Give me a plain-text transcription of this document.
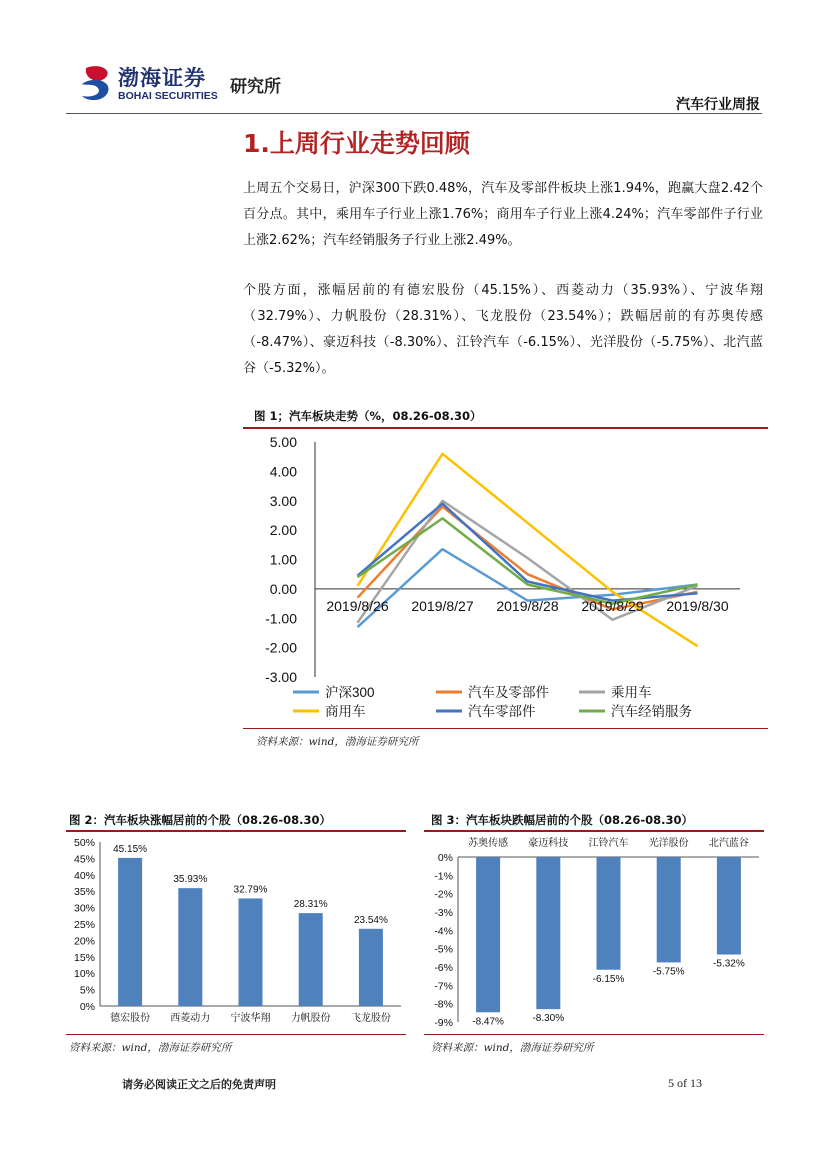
渤海证券
BOHAI SECURITIES 研究所
汽车行业周报
1.上周行业走势回顾
上周五个交易日，沪深300下跌0.48%，汽车及零部件板块上涨1.94%，跑赢大盘2.42个百分点。其中，乘用车子行业上涨1.76%；商用车子行业上涨4.24%；汽车零部件子行业上涨2.62%；汽车经销服务子行业上涨2.49%。
个股方面，涨幅居前的有德宏股份（45.15%）、西菱动力（35.93%）、宁波华翔（32.79%）、力帆股份（28.31%）、飞龙股份（23.54%）；跌幅居前的有苏奥传感（-8.47%）、豪迈科技（-8.30%）、江铃汽车（-6.15%）、光洋股份（-5.75%）、北汽蓝谷（-5.32%）。
图 1；汽车板块走势（%，08.26-08.30）
5.00
4.00
3.00
2.00
1.00
0.00
-1.00
-2.00
-3.00
2019/8/26 2019/8/27 2019/8/28 2019/8/29 2019/8/30
沪深300	汽车及零部件	乘用车
商用车	汽车零部件	汽车经销服务
资料来源：wind，渤海证券研究所
图 2：汽车板块涨幅居前的个股（08.26-08.30）
50%
45%
40%
35%
30%
25%
20%
15%
10%
5%
0%
45.15%
德宏股份
35.93%
西菱动力
32.79%
宁波华翔
28.31%
力帆股份
23.54%
飞龙股份
资料来源：wind，渤海证券研究所
图 3：汽车板块跌幅居前的个股（08.26-08.30）
0%
-1%
-2%
-3%
-4%
-5%
-6%
-7%
-8%
-9% -8.47%
苏奥传感
-8.30%
豪迈科技
-6.15%
江铃汽车
-5.75%
光洋股份
-5.32%
北汽蓝谷
资料来源：wind，渤海证券研究所
请务必阅读正文之后的免责声明	5 of 13
